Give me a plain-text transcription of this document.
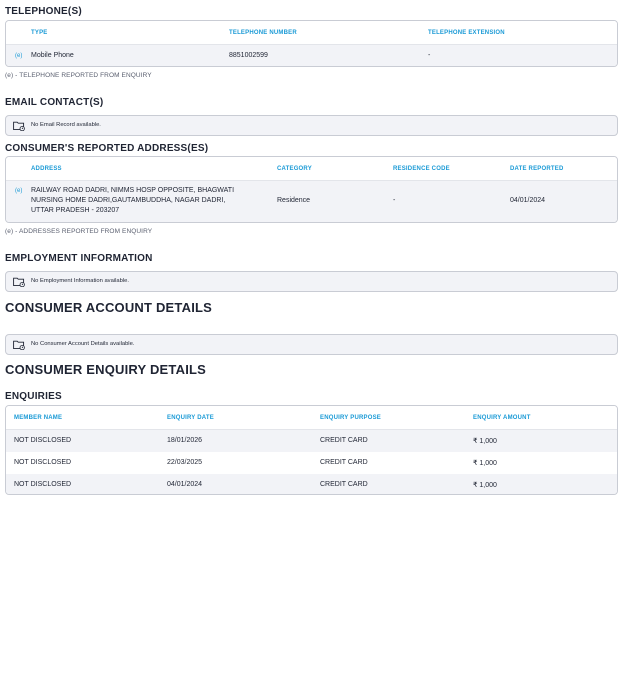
TELEPHONE(S)
TYPE	TELEPHONE NUMBER	TELEPHONE EXTENSION
(e) Mobile Phone	8851002599	-
(e) - TELEPHONE REPORTED FROM ENQUIRY
EMAIL CONTACT(S)
No Email Record available.
CONSUMER'S REPORTED ADDRESS(ES)
ADDRESS	CATEGORY	RESIDENCE CODE	DATE REPORTED
(e) RAILWAY ROAD DADRI, NIMMS HOSP OPPOSITE, BHAGWATI
NURSING HOME DADRI,GAUTAMBUDDHA, NAGAR DADRI,
UTTAR PRADESH - 203207
Residence	-	04/01/2024
(e) - ADDRESSES REPORTED FROM ENQUIRY
EMPLOYMENT INFORMATION
No Employment Information available.
CONSUMER ACCOUNT DETAILS
No Consumer Account Details available.
CONSUMER ENQUIRY DETAILS
ENQUIRIES
MEMBER NAME	ENQUIRY DATE	ENQUIRY PURPOSE	ENQUIRY AMOUNT
NOT DISCLOSED	18/01/2026	CREDIT CARD	₹ 1,000
NOT DISCLOSED	22/03/2025	CREDIT CARD	₹ 1,000
NOT DISCLOSED	04/01/2024	CREDIT CARD	₹ 1,000
